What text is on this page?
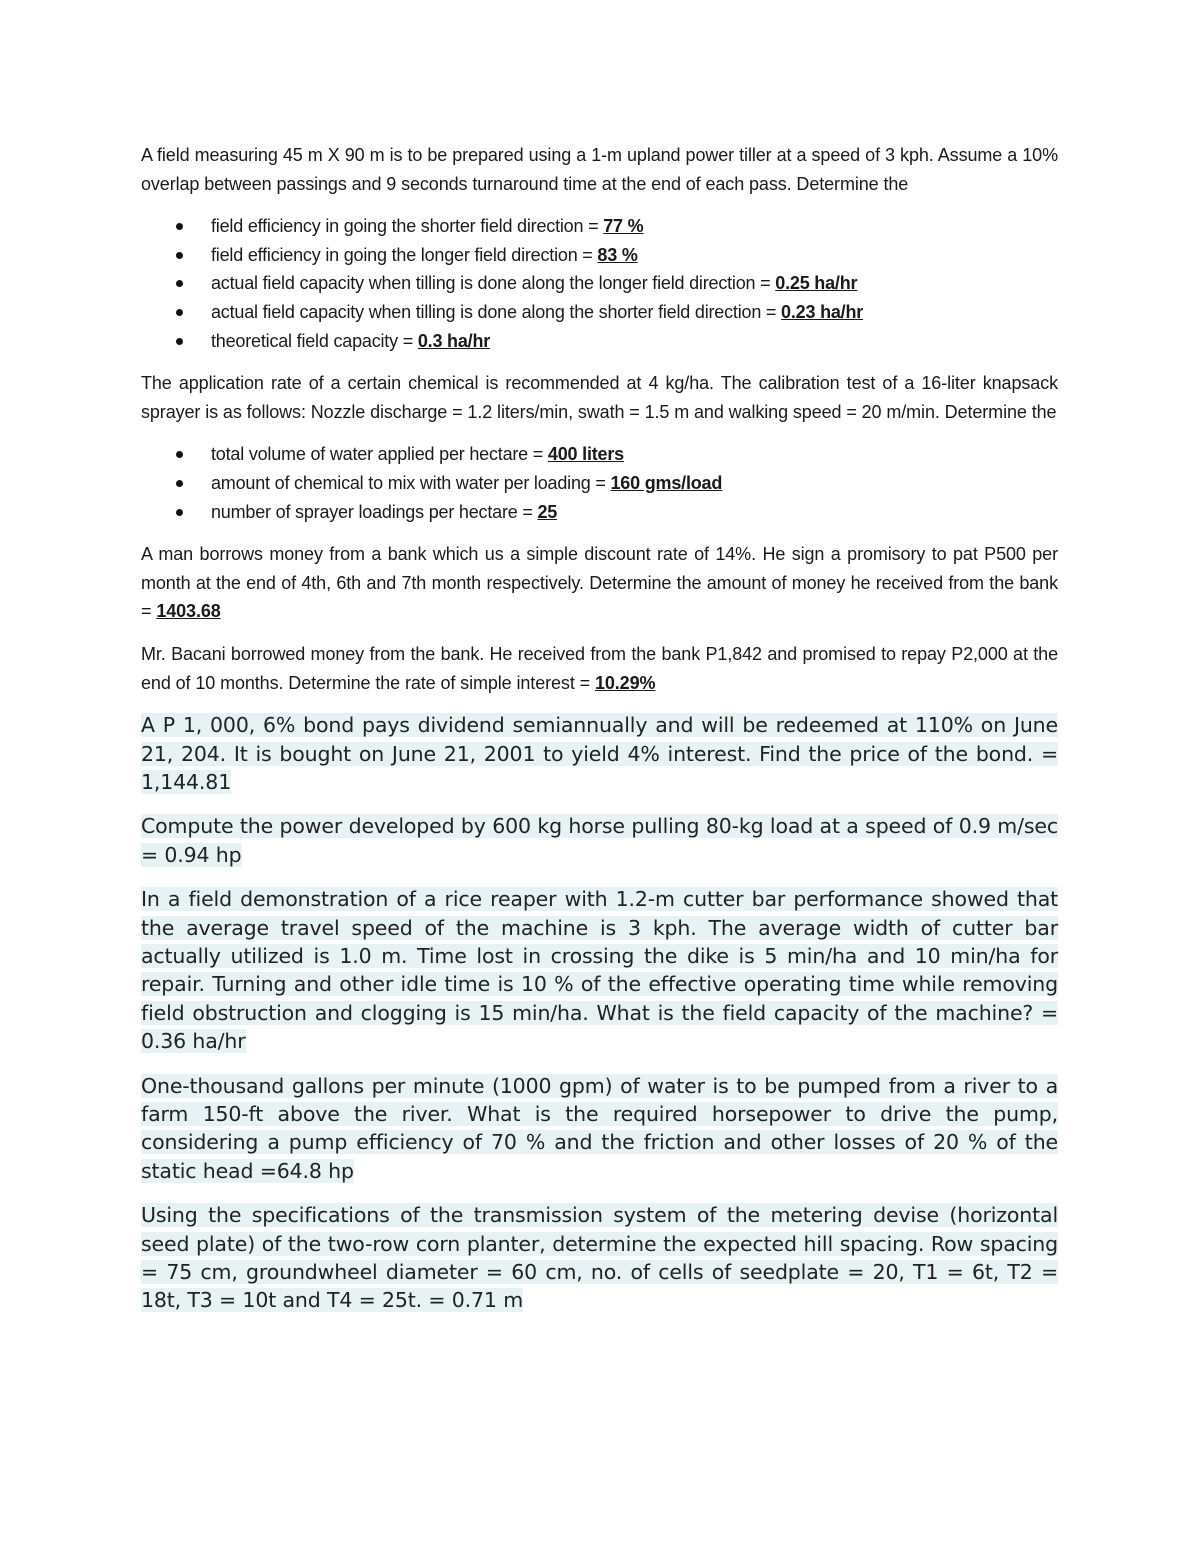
A field measuring 45 m X 90 m is to be prepared using a 1-m upland power tiller at a speed of 3 kph. Assume a 10% overlap between passings and 9 seconds turnaround time at the end of each pass. Determine the

field efficiency in going the shorter field direction = 77 %
field efficiency in going the longer field direction = 83 %
actual field capacity when tilling is done along the longer field direction = 0.25 ha/hr
actual field capacity when tilling is done along the shorter field direction = 0.23 ha/hr
theoretical field capacity = 0.3 ha/hr

The application rate of a certain chemical is recommended at 4 kg/ha. The calibration test of a 16-liter knapsack sprayer is as follows: Nozzle discharge = 1.2 liters/min, swath = 1.5 m and walking speed = 20 m/min. Determine the

total volume of water applied per hectare = 400 liters
amount of chemical to mix with water per loading = 160 gms/load
number of sprayer loadings per hectare = 25

A man borrows money from a bank which us a simple discount rate of 14%. He sign a promisory to pat P500 per month at the end of 4th, 6th and 7th month respectively. Determine the amount of money he received from the bank = 1403.68

Mr. Bacani borrowed money from the bank. He received from the bank P1,842 and promised to repay P2,000 at the end of 10 months. Determine the rate of simple interest = 10.29%

A P 1, 000, 6% bond pays dividend semiannually and will be redeemed at 110% on June 21, 204. It is bought on June 21, 2001 to yield 4% interest. Find the price of the bond. = 1,144.81

Compute the power developed by 600 kg horse pulling 80-kg load at a speed of 0.9 m/sec = 0.94 hp

In a field demonstration of a rice reaper with 1.2-m cutter bar performance showed that the average travel speed of the machine is 3 kph. The average width of cutter bar actually utilized is 1.0 m. Time lost in crossing the dike is 5 min/ha and 10 min/ha for repair. Turning and other idle time is 10 % of the effective operating time while removing field obstruction and clogging is 15 min/ha. What is the field capacity of the machine? = 0.36 ha/hr

One-thousand gallons per minute (1000 gpm) of water is to be pumped from a river to a farm 150-ft above the river. What is the required horsepower to drive the pump, considering a pump efficiency of 70 % and the friction and other losses of 20 % of the static head =64.8 hp

Using the specifications of the transmission system of the metering devise (horizontal seed plate) of the two-row corn planter, determine the expected hill spacing. Row spacing = 75 cm, groundwheel diameter = 60 cm, no. of cells of seedplate = 20, T1 = 6t, T2 = 18t, T3 = 10t and T4 = 25t. = 0.71 m
